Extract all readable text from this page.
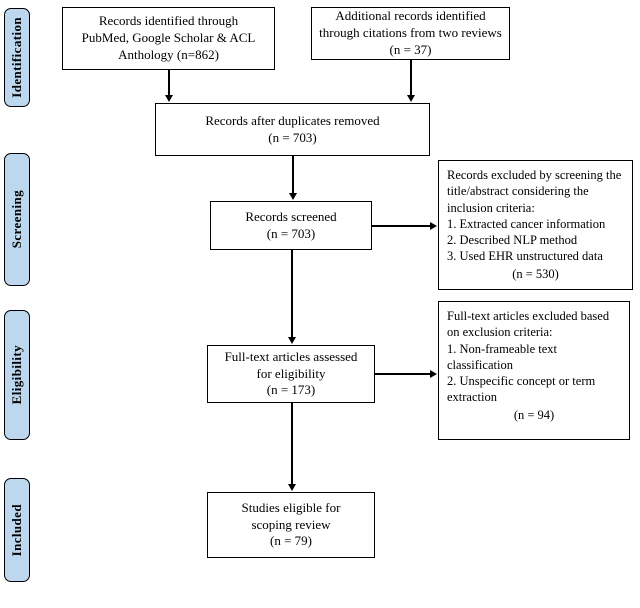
Identification
Screening
Eligibility
Included
Records identified through
PubMed, Google Scholar & ACL
Anthology (n=862)
Additional records identified
through citations from two reviews
(n = 37)
Records after duplicates removed
(n = 703)
Records screened
(n = 703)
Records excluded by screening the title/abstract considering the inclusion criteria:
1. Extracted cancer information
2. Described NLP method
3. Used EHR unstructured data
(n = 530)
Full-text articles assessed
for eligibility
(n = 173)
Full-text articles excluded based on exclusion criteria:
1. Non-frameable text classification
2. Unspecific concept or term extraction
(n = 94)
Studies eligible for
scoping review
(n = 79)
